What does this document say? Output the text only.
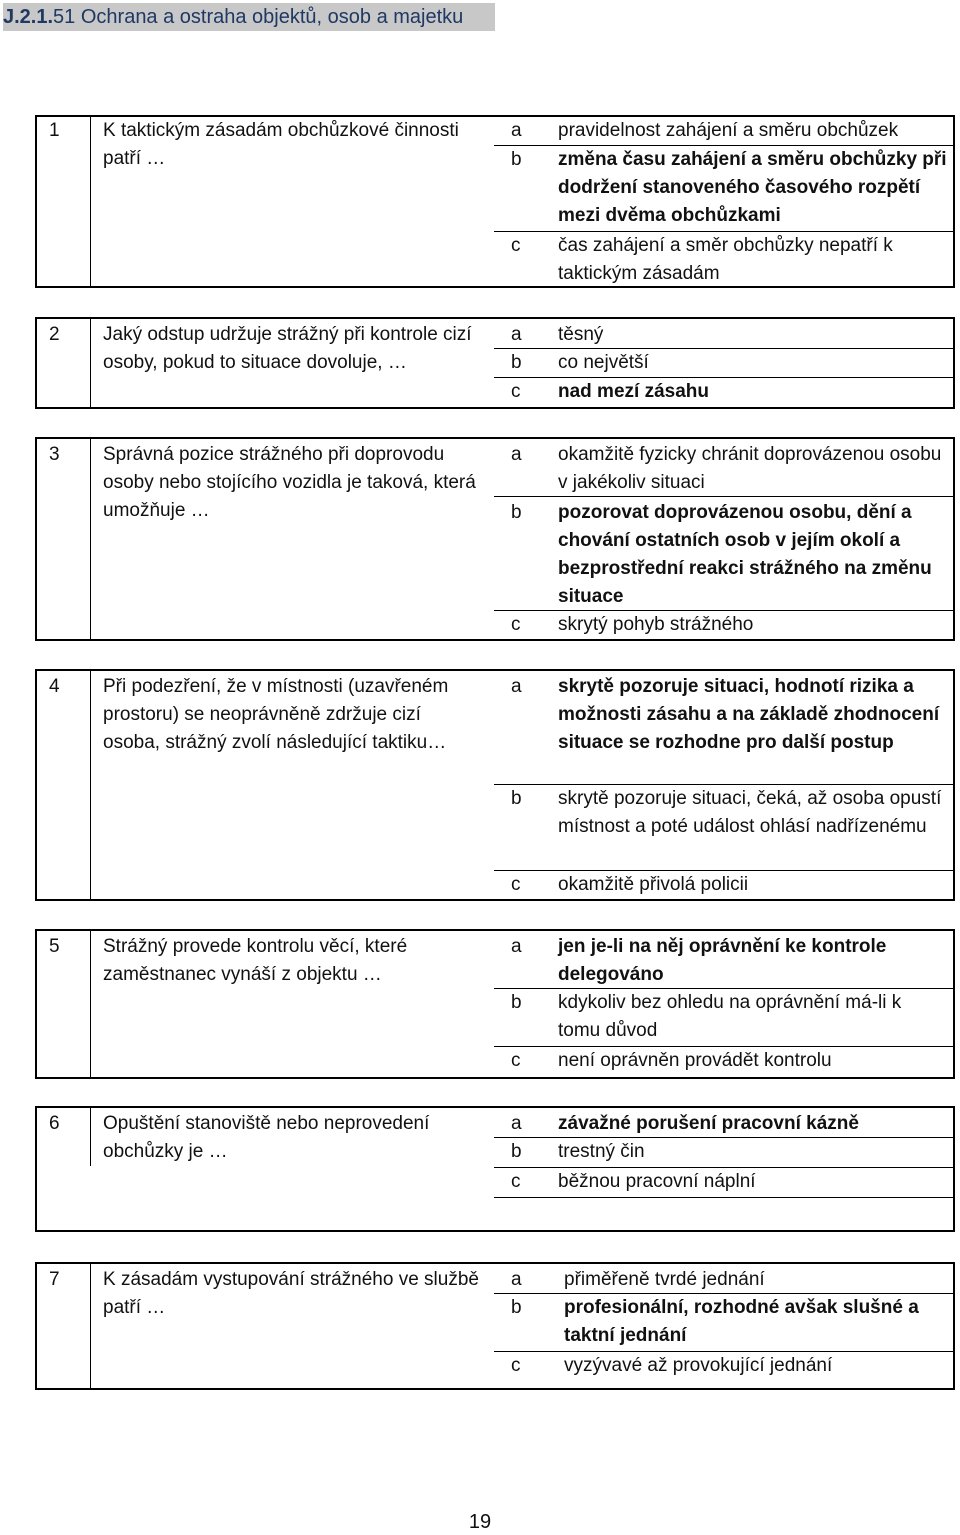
J.2.1.51 Ochrana a ostraha objektů, osob a majetku
1 K taktickým zásadám obchůzkové činnosti patří …
a	pravidelnost zahájení a směru obchůzek
b	změna času zahájení a směru obchůzky při dodržení stanoveného časového rozpětí mezi dvěma obchůzkami
c	čas zahájení a směr obchůzky nepatří k taktickým zásadám
2 Jaký odstup udržuje strážný při kontrole cizí osoby, pokud to situace dovoluje, …
a	těsný
b	co největší
c	nad mezí zásahu
3 Správná pozice strážného při doprovodu osoby nebo stojícího vozidla je taková, která umožňuje …
a	okamžitě fyzicky chránit doprovázenou osobu v jakékoliv situaci
b	pozorovat doprovázenou osobu, dění a chování ostatních osob v jejím okolí a bezprostřední reakci strážného na změnu situace
c	skrytý pohyb strážného
4 Při podezření, že v místnosti (uzavřeném prostoru) se neoprávněně zdržuje cizí osoba, strážný zvolí následující taktiku…
a	skrytě pozoruje situaci, hodnotí rizika a možnosti zásahu a na základě zhodnocení situace se rozhodne pro další postup
b	skrytě pozoruje situaci, čeká, až osoba opustí místnost a poté událost ohlásí nadřízenému
c	okamžitě přivolá policii
5 Strážný provede kontrolu věcí, které zaměstnanec vynáší z objektu …
a	jen je-li na něj oprávnění ke kontrole delegováno
b	kdykoliv bez ohledu na oprávnění má-li k tomu důvod
c	není oprávněn provádět kontrolu
6 Opuštění stanoviště nebo neprovedení obchůzky je …
a	závažné porušení pracovní kázně
b	trestný čin
c	běžnou pracovní náplní
7 K zásadám vystupování strážného ve službě patří …
a	přiměřeně tvrdé jednání
b	profesionální, rozhodné avšak slušné a taktní jednání
c	vyzývavé až provokující jednání
19
